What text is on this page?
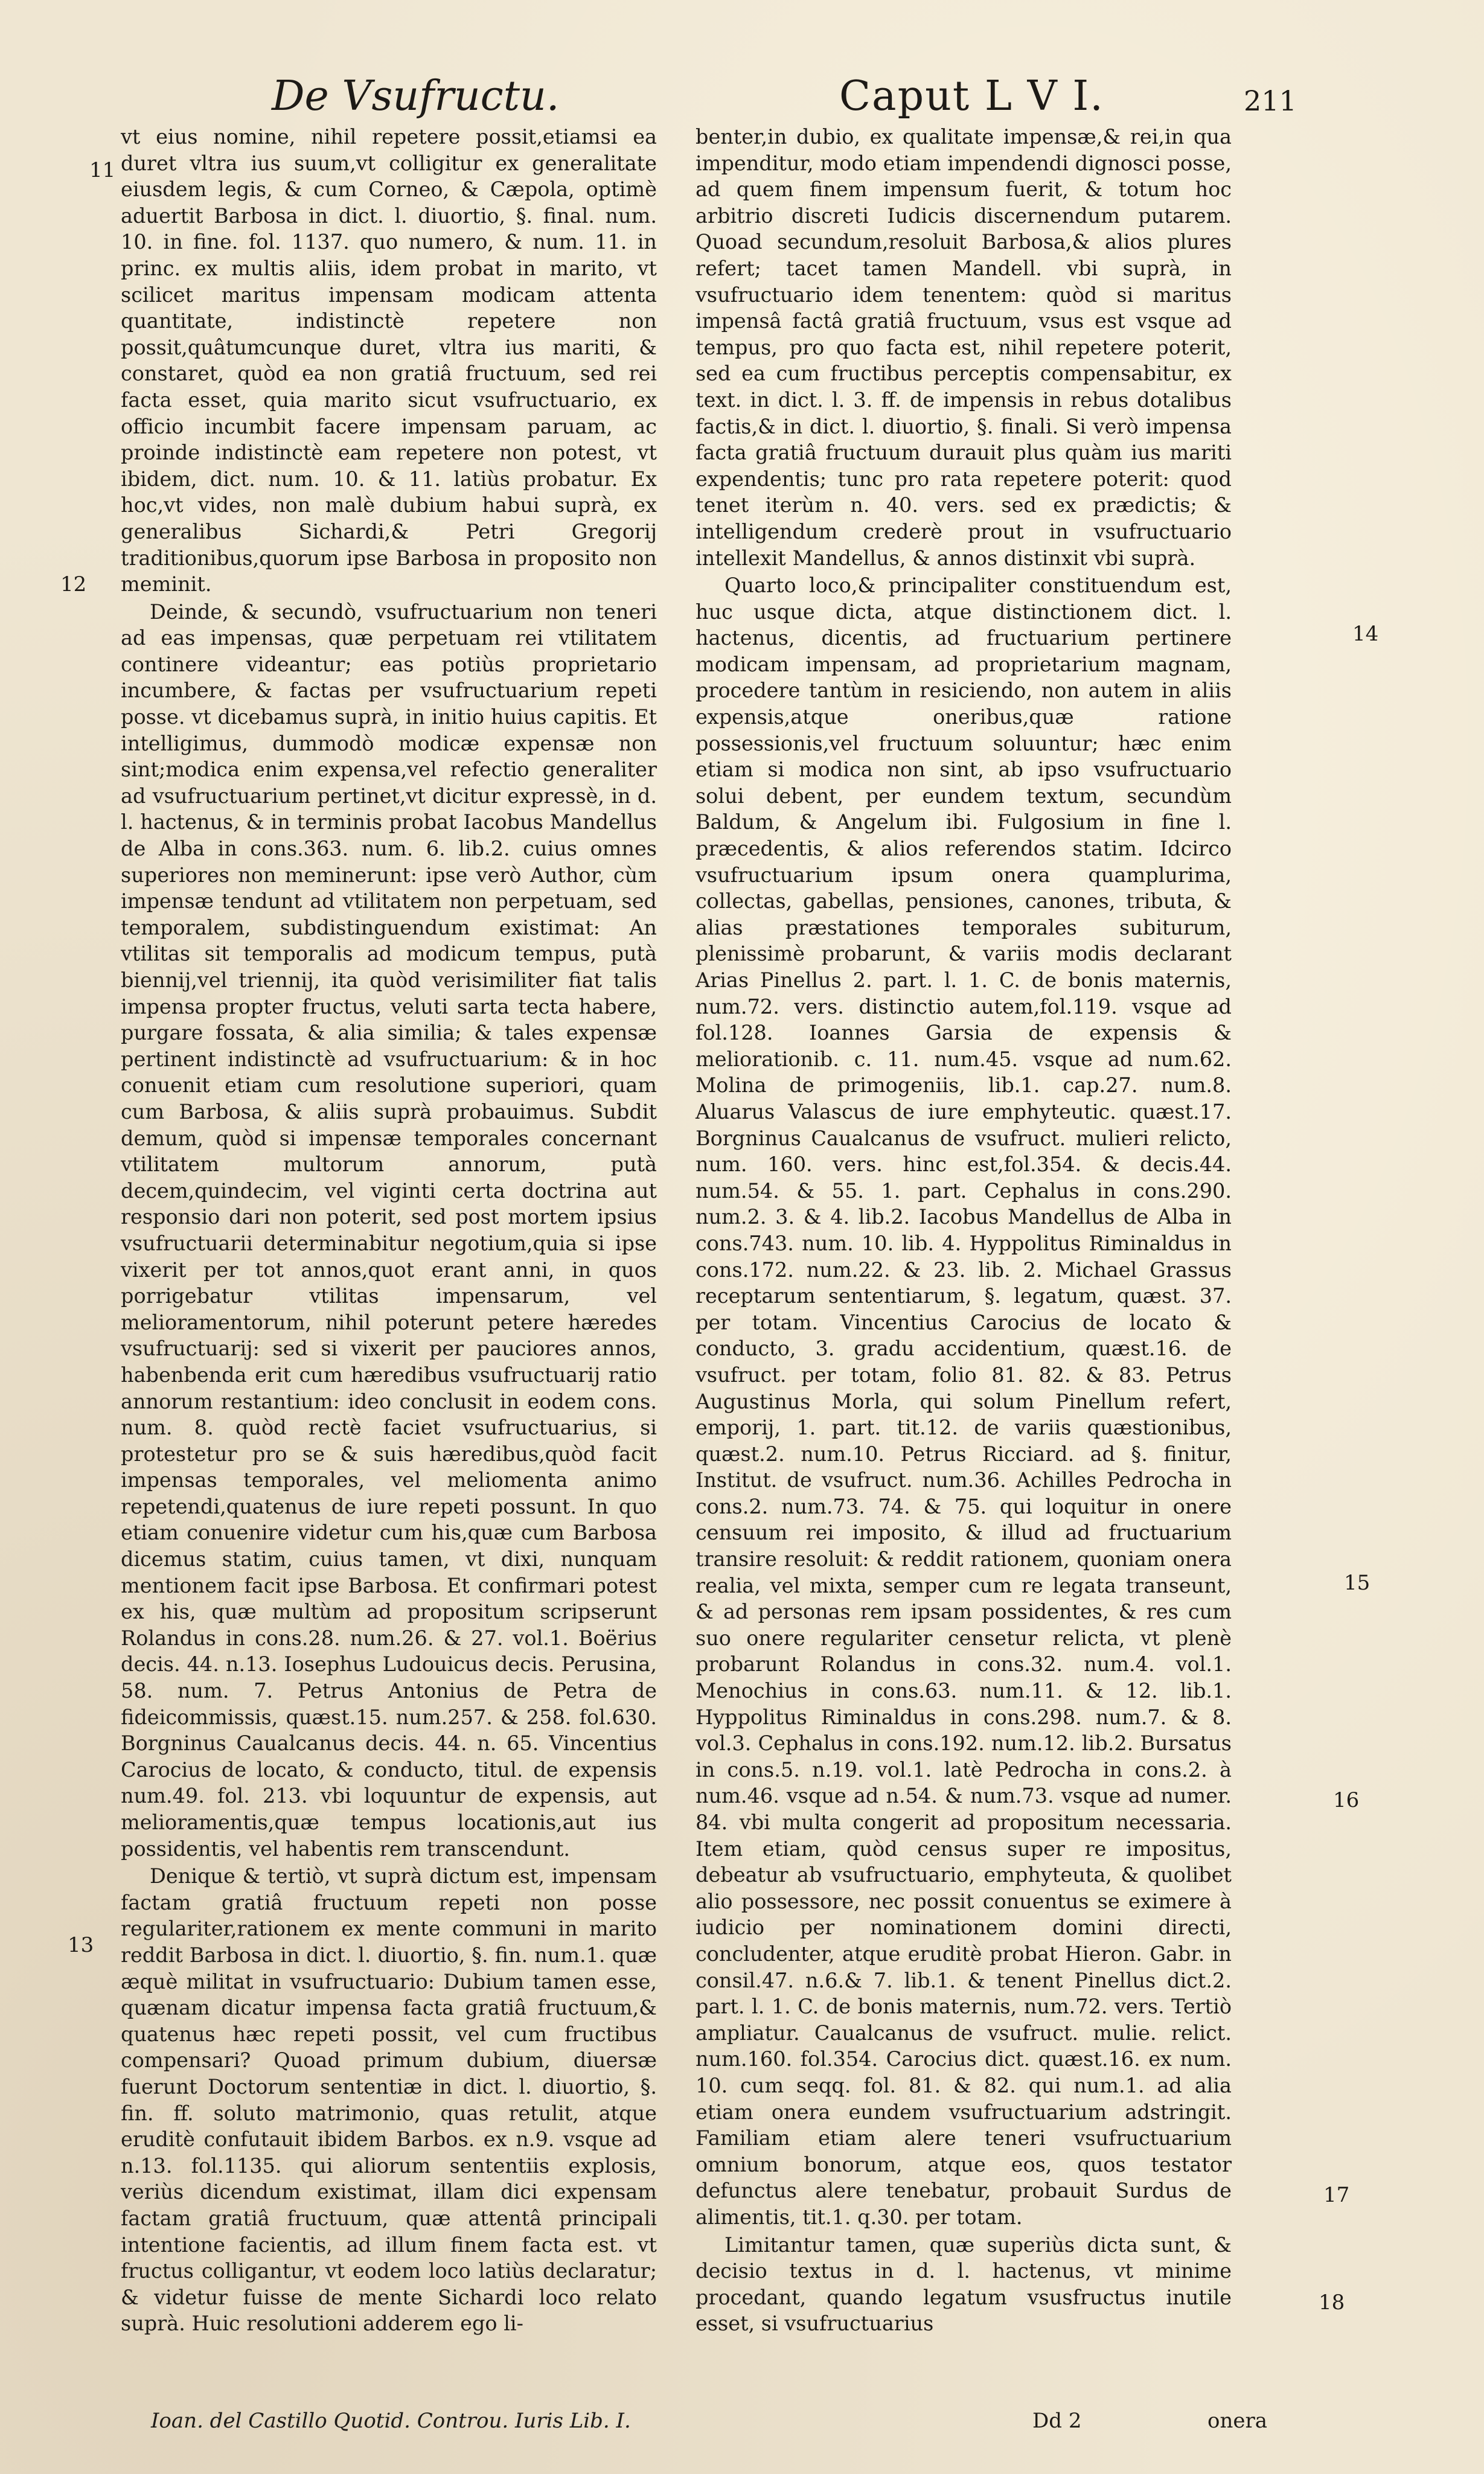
De Vsufructu.	Caput L V I.	211
11
12
13
14
15
16
17
18

vt eius nomine, nihil repetere possit,etiamsi ea duret vltra ius suum,vt colligitur ex generalitate eiusdem legis, & cum Corneo, & Cæpola, optimè aduertit Barbosa in dict. l. diuortio, §. final. num. 10. in fine. fol. 1137. quo numero, & num. 11. in princ. ex multis aliis, idem probat in marito, vt scilicet maritus impensam modicam attenta quantitate, indistinctè repetere non possit,quâtumcunque duret, vltra ius mariti, & constaret, quòd ea non gratiâ fructuum, sed rei facta esset, quia marito sicut vsufructuario, ex officio incumbit facere impensam paruam, ac proinde indistinctè eam repetere non potest, vt ibidem, dict. num. 10. & 11. latiùs probatur. Ex hoc,vt vides, non malè dubium habui suprà, ex generalibus Sichardi,& Petri Gregorij traditionibus,quorum ipse Barbosa in proposito non meminit.

Deinde, & secundò, vsufructuarium non teneri ad eas impensas, quæ perpetuam rei vtilitatem continere videantur; eas potiùs proprietario incumbere, & factas per vsufructuarium repeti posse. vt dicebamus suprà, in initio huius capitis. Et intelligimus, dummodò modicæ expensæ non sint;modica enim expensa,vel refectio generaliter ad vsufructuarium pertinet,vt dicitur expressè, in d. l. hactenus, & in terminis probat Iacobus Mandellus de Alba in cons.363. num. 6. lib.2. cuius omnes superiores non meminerunt: ipse verò Author, cùm impensæ tendunt ad vtilitatem non perpetuam, sed temporalem, subdistinguendum existimat: An vtilitas sit temporalis ad modicum tempus, putà biennij,vel triennij, ita quòd verisimiliter fiat talis impensa propter fructus, veluti sarta tecta habere, purgare fossata, & alia similia; & tales expensæ pertinent indistinctè ad vsufructuarium: & in hoc conuenit etiam cum resolutione superiori, quam cum Barbosa, & aliis suprà probauimus. Subdit demum, quòd si impensæ temporales concernant vtilitatem multorum annorum, putà decem,quindecim, vel viginti certa doctrina aut responsio dari non poterit, sed post mortem ipsius vsufructuarii determinabitur negotium,quia si ipse vixerit per tot annos,quot erant anni, in quos porrigebatur vtilitas impensarum, vel melioramentorum, nihil poterunt petere hæredes vsufructuarij: sed si vixerit per pauciores annos, habenbenda erit cum hæredibus vsufructuarij ratio annorum restantium: ideo conclusit in eodem cons. num. 8. quòd rectè faciet vsufructuarius, si protestetur pro se & suis hæredibus,quòd facit impensas temporales, vel meliomenta animo repetendi,quatenus de iure repeti possunt. In quo etiam conuenire videtur cum his,quæ cum Barbosa dicemus statim, cuius tamen, vt dixi, nunquam mentionem facit ipse Barbosa. Et confirmari potest ex his, quæ multùm ad propositum scripserunt Rolandus in cons.28. num.26. & 27. vol.1. Boërius decis. 44. n.13. Iosephus Ludouicus decis. Perusina, 58. num. 7. Petrus Antonius de Petra de fideicommissis, quæst.15. num.257. & 258. fol.630. Borgninus Caualcanus decis. 44. n. 65. Vincentius Carocius de locato, & conducto, titul. de expensis num.49. fol. 213. vbi loquuntur de expensis, aut melioramentis,quæ tempus locationis,aut ius possidentis, vel habentis rem transcendunt.

Denique & tertiò, vt suprà dictum est, impensam factam gratiâ fructuum repeti non posse regulariter,rationem ex mente communi in marito reddit Barbosa in dict. l. diuortio, §. fin. num.1. quæ æquè militat in vsufructuario: Dubium tamen esse, quænam dicatur impensa facta gratiâ fructuum,& quatenus hæc repeti possit, vel cum fructibus compensari? Quoad primum dubium, diuersæ fuerunt Doctorum sententiæ in dict. l. diuortio, §. fin. ff. soluto matrimonio, quas retulit, atque eruditè confutauit ibidem Barbos. ex n.9. vsque ad n.13. fol.1135. qui aliorum sententiis explosis, veriùs dicendum existimat, illam dici expensam factam gratiâ fructuum, quæ attentâ principali intentione facientis, ad illum finem facta est. vt fructus colligantur, vt eodem loco latiùs declaratur; & videtur fuisse de mente Sichardi loco relato suprà. Huic resolutioni adderem ego li-

benter,in dubio, ex qualitate impensæ,& rei,in qua impenditur, modo etiam impendendi dignosci posse, ad quem finem impensum fuerit, & totum hoc arbitrio discreti Iudicis discernendum putarem. Quoad secundum,resoluit Barbosa,& alios plures refert; tacet tamen Mandell. vbi suprà, in vsufructuario idem tenentem: quòd si maritus impensâ factâ gratiâ fructuum, vsus est vsque ad tempus, pro quo facta est, nihil repetere poterit, sed ea cum fructibus perceptis compensabitur, ex text. in dict. l. 3. ff. de impensis in rebus dotalibus factis,& in dict. l. diuortio, §. finali. Si verò impensa facta gratiâ fructuum durauit plus quàm ius mariti expendentis; tunc pro rata repetere poterit: quod tenet iterùm n. 40. vers. sed ex prædictis; & intelligendum crederè prout in vsufructuario intellexit Mandellus, & annos distinxit vbi suprà.

Quarto loco,& principaliter constituendum est, huc usque dicta, atque distinctionem dict. l. hactenus, dicentis, ad fructuarium pertinere modicam impensam, ad proprietarium magnam, procedere tantùm in resiciendo, non autem in aliis expensis,atque oneribus,quæ ratione possessionis,vel fructuum soluuntur; hæc enim etiam si modica non sint, ab ipso vsufructuario solui debent, per eundem textum, secundùm Baldum, & Angelum ibi. Fulgosium in fine l. præcedentis, & alios referendos statim. Idcirco vsufructuarium ipsum onera quamplurima, collectas, gabellas, pensiones, canones, tributa, & alias præstationes temporales subiturum, plenissimè probarunt, & variis modis declarant Arias Pinellus 2. part. l. 1. C. de bonis maternis, num.72. vers. distinctio autem,fol.119. vsque ad fol.128. Ioannes Garsia de expensis & meliorationib. c. 11. num.45. vsque ad num.62. Molina de primogeniis, lib.1. cap.27. num.8. Aluarus Valascus de iure emphyteutic. quæst.17. Borgninus Caualcanus de vsufruct. mulieri relicto, num. 160. vers. hinc est,fol.354. & decis.44. num.54. & 55. 1. part. Cephalus in cons.290. num.2. 3. & 4. lib.2. Iacobus Mandellus de Alba in cons.743. num. 10. lib. 4. Hyppolitus Riminaldus in cons.172. num.22. & 23. lib. 2. Michael Grassus receptarum sententiarum, §. legatum, quæst. 37. per totam. Vincentius Carocius de locato & conducto, 3. gradu accidentium, quæst.16. de vsufruct. per totam, folio 81. 82. & 83. Petrus Augustinus Morla, qui solum Pinellum refert, emporij, 1. part. tit.12. de variis quæstionibus, quæst.2. num.10. Petrus Ricciard. ad §. finitur, Institut. de vsufruct. num.36. Achilles Pedrocha in cons.2. num.73. 74. & 75. qui loquitur in onere censuum rei imposito, & illud ad fructuarium transire resoluit: & reddit rationem, quoniam onera realia, vel mixta, semper cum re legata transeunt, & ad personas rem ipsam possidentes, & res cum suo onere regulariter censetur relicta, vt plenè probarunt Rolandus in cons.32. num.4. vol.1. Menochius in cons.63. num.11. & 12. lib.1. Hyppolitus Riminaldus in cons.298. num.7. & 8. vol.3. Cephalus in cons.192. num.12. lib.2. Bursatus in cons.5. n.19. vol.1. latè Pedrocha in cons.2. à num.46. vsque ad n.54. & num.73. vsque ad numer. 84. vbi multa congerit ad propositum necessaria. Item etiam, quòd census super re impositus, debeatur ab vsufructuario, emphyteuta, & quolibet alio possessore, nec possit conuentus se eximere à iudicio per nominationem domini directi, concludenter, atque eruditè probat Hieron. Gabr. in consil.47. n.6.& 7. lib.1. & tenent Pinellus dict.2. part. l. 1. C. de bonis maternis, num.72. vers. Tertiò ampliatur. Caualcanus de vsufruct. mulie. relict. num.160. fol.354. Carocius dict. quæst.16. ex num. 10. cum seqq. fol. 81. & 82. qui num.1. ad alia etiam onera eundem vsufructuarium adstringit. Familiam etiam alere teneri vsufructuarium omnium bonorum, atque eos, quos testator defunctus alere tenebatur, probauit Surdus de alimentis, tit.1. q.30. per totam.

Limitantur tamen, quæ superiùs dicta sunt, & decisio textus in d. l. hactenus, vt minime procedant, quando legatum vsusfructus inutile esset, si vsufructuarius

Ioan. del Castillo Quotid. Controu. Iuris Lib. I.	Dd 2	onera
